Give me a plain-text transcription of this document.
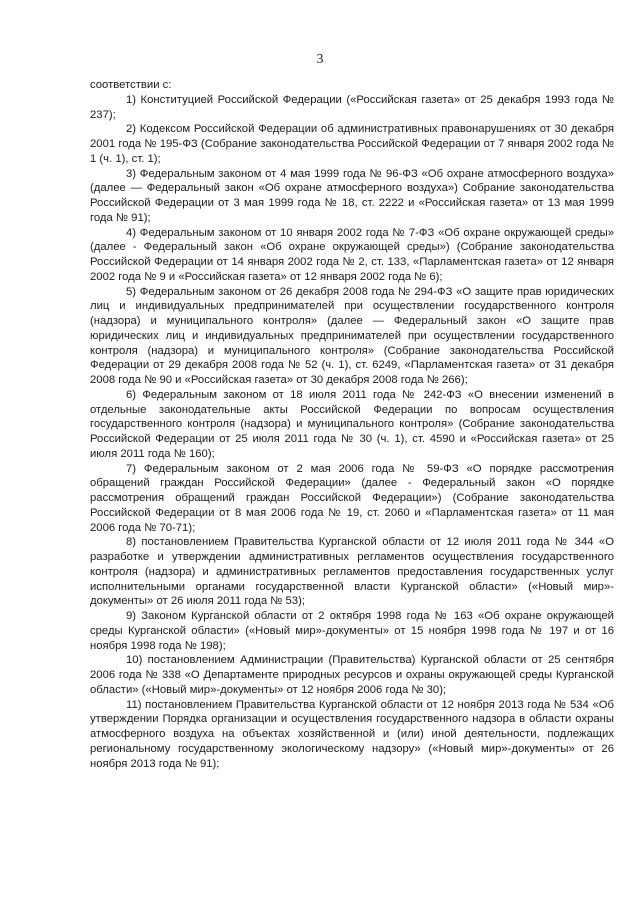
3

соответствии с:

1) Конституцией Российской Федерации («Российская газета» от 25 декабря 1993 года № 237);

2) Кодексом Российской Федерации об административных правонарушениях от 30 декабря 2001 года № 195-ФЗ (Собрание законодательства Российской Федерации от 7 января 2002 года № 1 (ч. 1), ст. 1);

3) Федеральным законом от 4 мая 1999 года № 96-ФЗ «Об охране атмосферного воздуха» (далее — Федеральный закон «Об охране атмосферного воздуха») Собрание законодательства Российской Федерации от 3 мая 1999 года № 18, ст. 2222 и «Российская газета» от 13 мая 1999 года № 91);

4) Федеральным законом от 10 января 2002 года № 7-ФЗ «Об охране окружающей среды» (далее - Федеральный закон «Об охране окружающей среды») (Собрание законодательства Российской Федерации от 14 января 2002 года № 2, ст. 133, «Парламентская газета» от 12 января 2002 года № 9 и «Российская газета» от 12 января 2002 года № 6);

5) Федеральным законом от 26 декабря 2008 года № 294-ФЗ «О защите прав юридических лиц и индивидуальных предпринимателей при осуществлении государственного контроля (надзора) и муниципального контроля» (далее — Федеральный закон «О защите прав юридических лиц и индивидуальных предпринимателей при осуществлении государственного контроля (надзора) и муниципального контроля» (Собрание законодательства Российской Федерации от 29 декабря 2008 года № 52 (ч. 1), ст. 6249, «Парламентская газета» от 31 декабря 2008 года № 90 и «Российская газета» от 30 декабря 2008 года № 266);

6) Федеральным законом от 18 июля 2011 года № 242-ФЗ «О внесении изменений в отдельные законодательные акты Российской Федерации по вопросам осуществления государственного контроля (надзора) и муниципального контроля» (Собрание законодательства Российской Федерации от 25 июля 2011 года № 30 (ч. 1), ст. 4590 и «Российская газета» от 25 июля 2011 года № 160);

7) Федеральным законом от 2 мая 2006 года № 59-ФЗ «О порядке рассмотрения обращений граждан Российской Федерации» (далее - Федеральный закон «О порядке рассмотрения обращений граждан Российской Федерации») (Собрание законодательства Российской Федерации от 8 мая 2006 года № 19, ст. 2060 и «Парламентская газета» от 11 мая 2006 года № 70-71);

8) постановлением Правительства Курганской области от 12 июля 2011 года № 344 «О разработке и утверждении административных регламентов осуществления государственного контроля (надзора) и административных регламентов предоставления государственных услуг исполнительными органами государственной власти Курганской области» («Новый мир»-документы» от 26 июля 2011 года № 53);

9) Законом Курганской области от 2 октября 1998 года № 163 «Об охране окружающей среды Курганской области» («Новый мир»-документы» от 15 ноября 1998 года № 197 и от 16 ноября 1998 года № 198);

10) постановлением Администрации (Правительства) Курганской области от 25 сентября 2006 года № 338 «О Департаменте природных ресурсов и охраны окружающей среды Курганской области» («Новый мир»-документы» от 12 ноября 2006 года № 30);

11) постановлением Правительства Курганской области от 12 ноября 2013 года № 534 «Об утверждении Порядка организации и осуществления государственного надзора в области охраны атмосферного воздуха на объектах хозяйственной и (или) иной деятельности, подлежащих региональному государственному экологическому надзору» («Новый мир»-документы» от 26 ноября 2013 года № 91);
